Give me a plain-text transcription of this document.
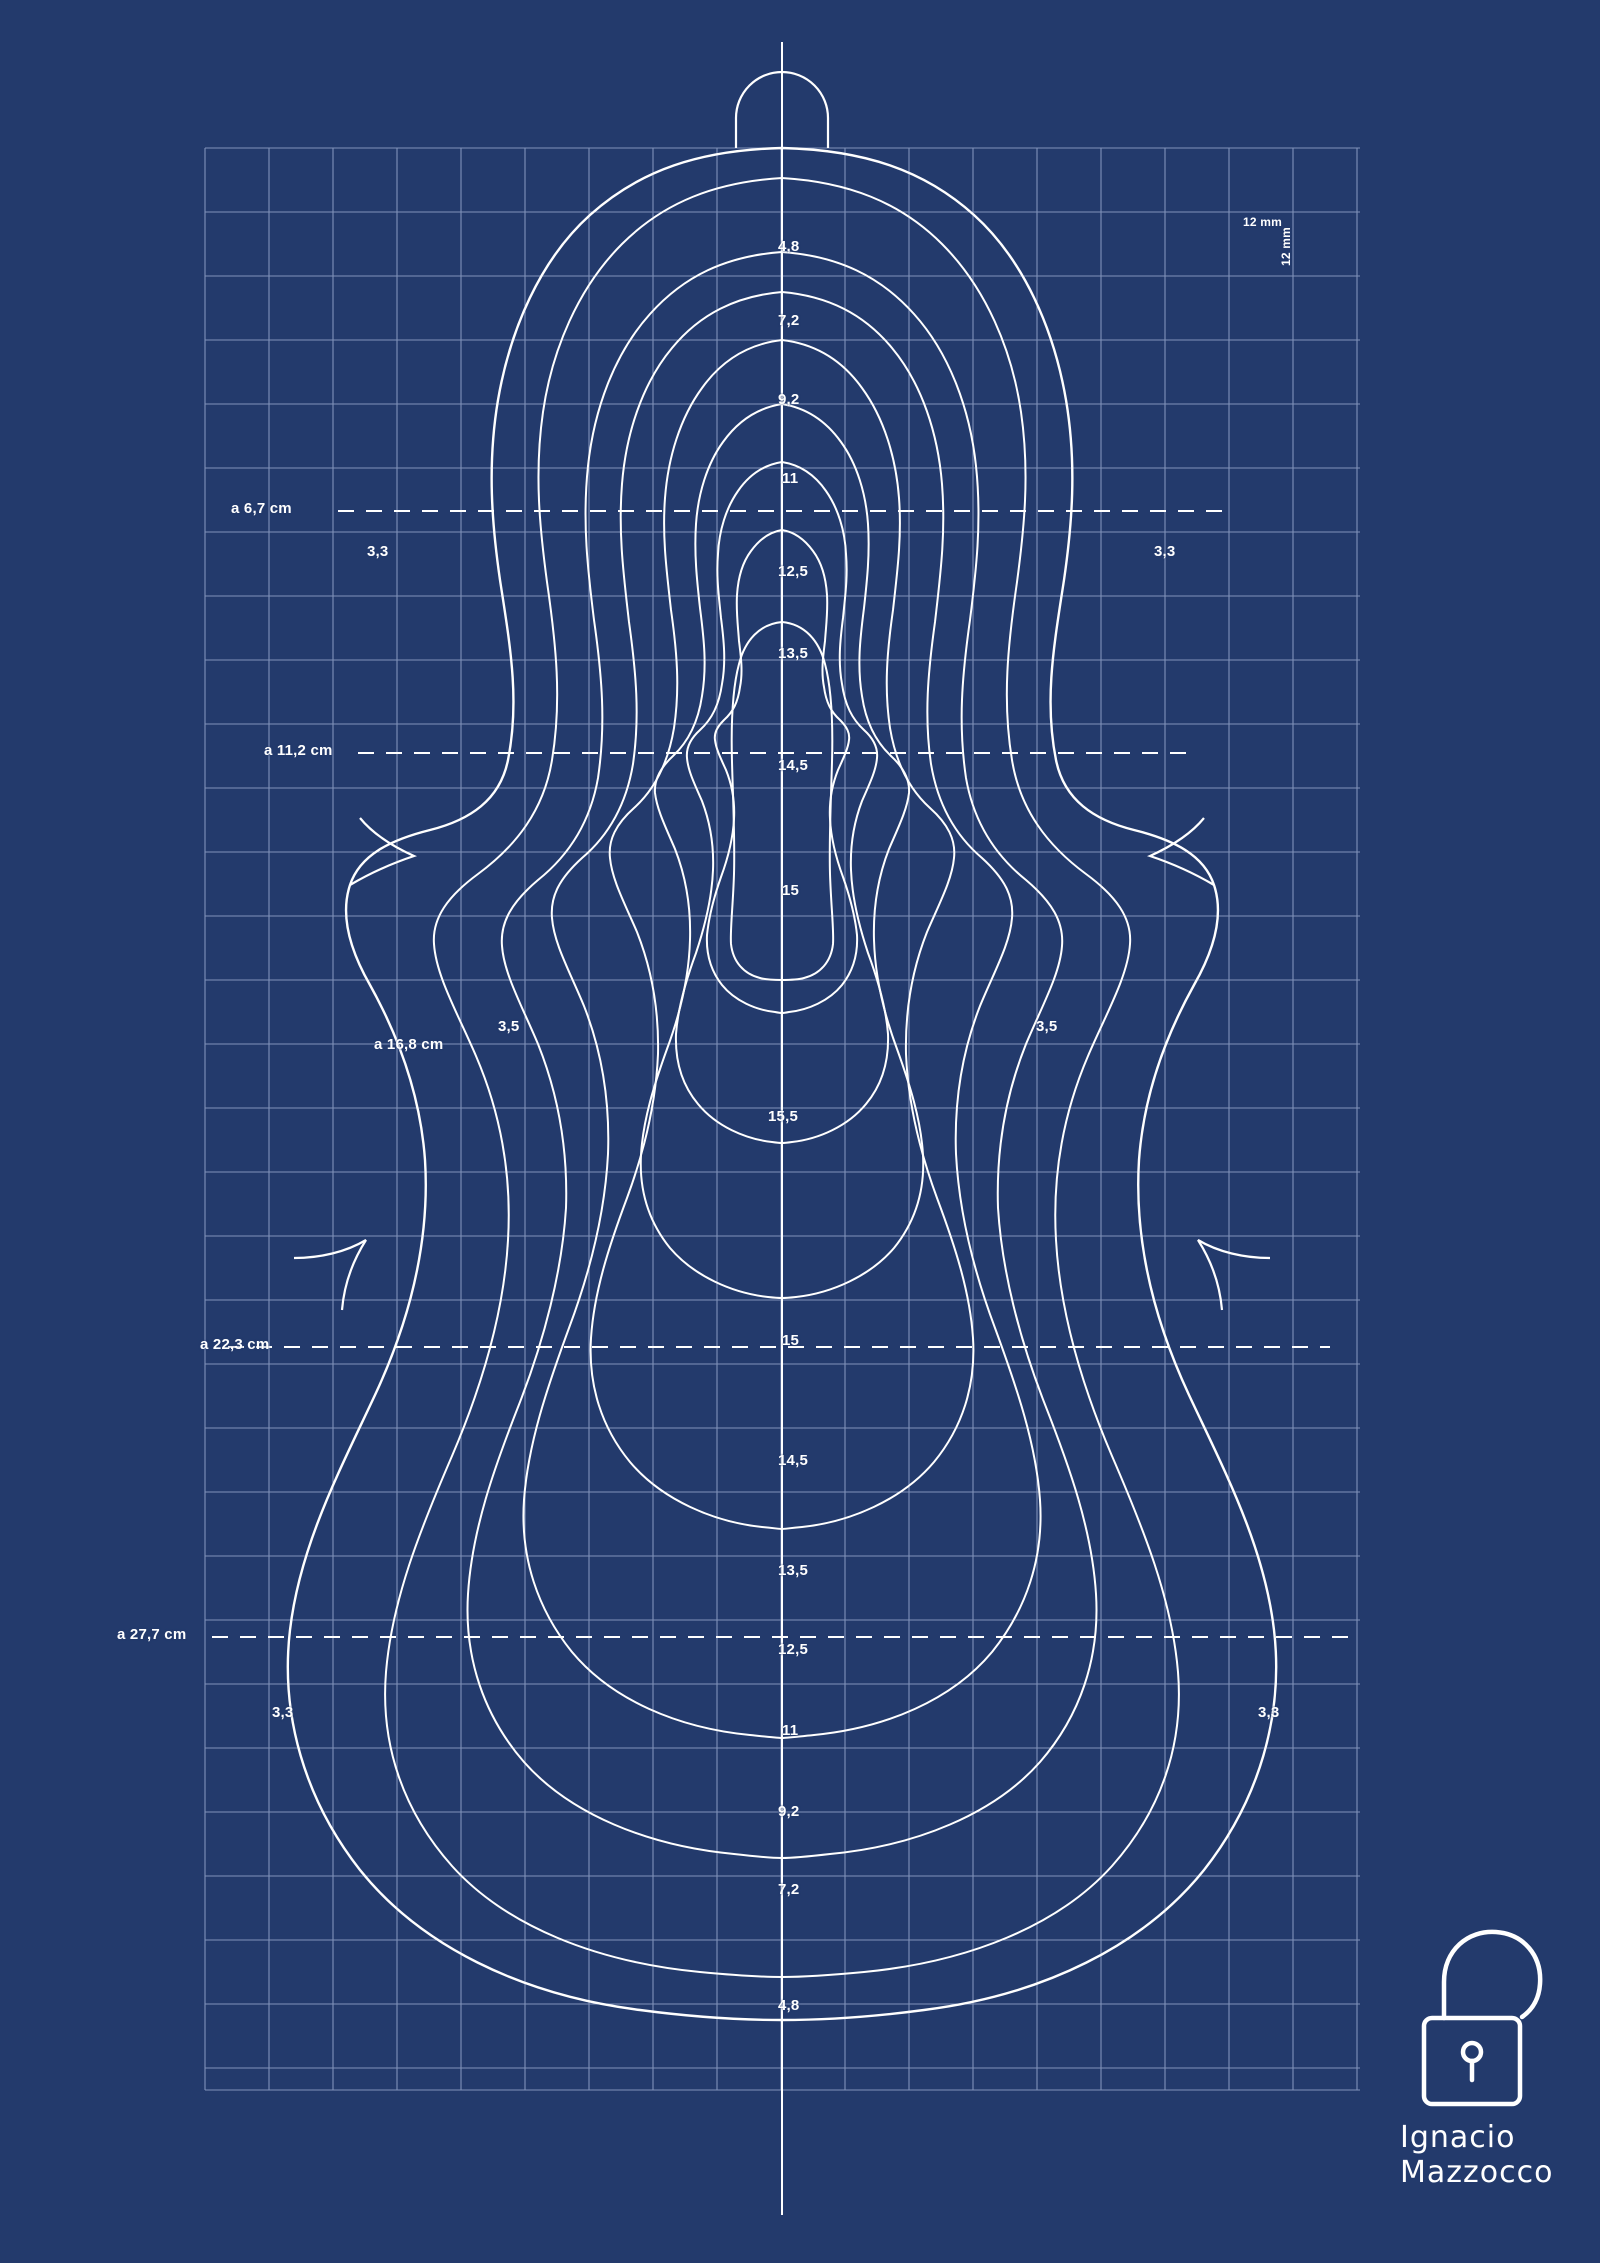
12 mm
12 mm
a 6,7 cm
a 11,2 cm
a 16,8 cm
a 22,3 cm
a 27,7 cm
3,3	3,3
3,5	3,5
3,3	3,3
4,8
7,2
9,2
11
12,5
13,5
14,5
15
15,5
15
14,5
13,5
12,5
11
9,2
7,2
4,8
Ignacio
Mazzocco
